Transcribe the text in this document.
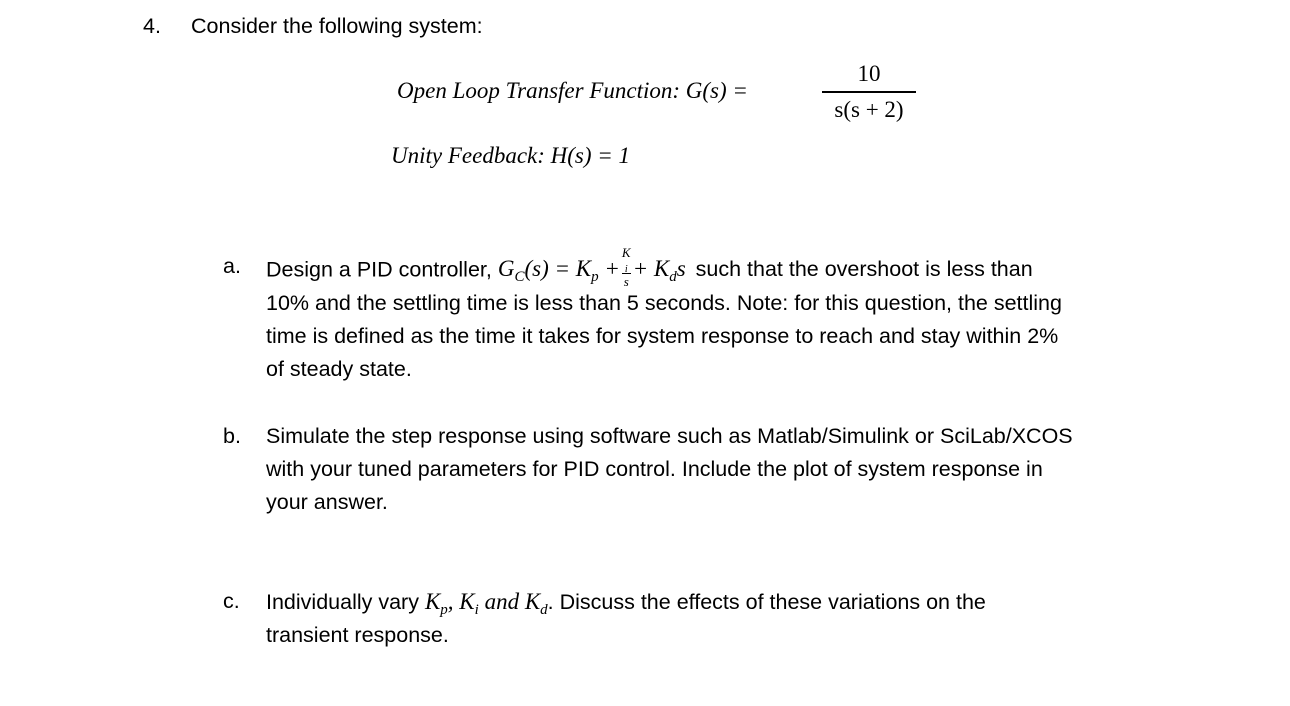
4. Consider the following system:
Open Loop Transfer Function: G(s) =
10
s(s + 2)
Unity Feedback: H(s) = 1
a. Design a PID controller, $G_C(s) = K_p + K$
$_i$
$s + K_ds$ such that the overshoot is less than
10% and the settling time is less than 5 seconds. Note: for this question, the settling
time is defined as the time it takes for system response to reach and stay within 2%
of steady state.
b. Simulate the step response using software such as Matlab/Simulink or SciLab/XCOS
with your tuned parameters for PID control. Include the plot of system response in
your answer.
c. Individually vary $K_p$, $K_i$ and $K_d$. Discuss the effects of these variations on the
transient response.
